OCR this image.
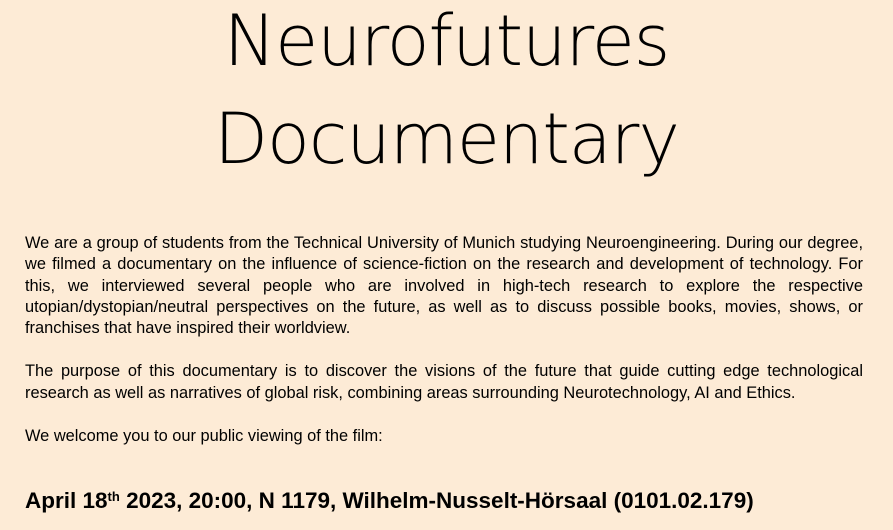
Neurofutures
Documentary

We are a group of students from the Technical University of Munich studying Neuroengineering. During our degree, we filmed a documentary on the influence of science-fiction on the research and development of technology. For this, we interviewed several people who are involved in high-tech research to explore the respective utopian/dystopian/neutral perspectives on the future, as well as to discuss possible books, movies, shows, or franchises that have inspired their worldview.

The purpose of this documentary is to discover the visions of the future that guide cutting edge technological research as well as narratives of global risk, combining areas surrounding Neurotechnology, AI and Ethics.

We welcome you to our public viewing of the film:

April 18th 2023, 20:00, N 1179, Wilhelm-Nusselt-Hörsaal (0101.02.179)
